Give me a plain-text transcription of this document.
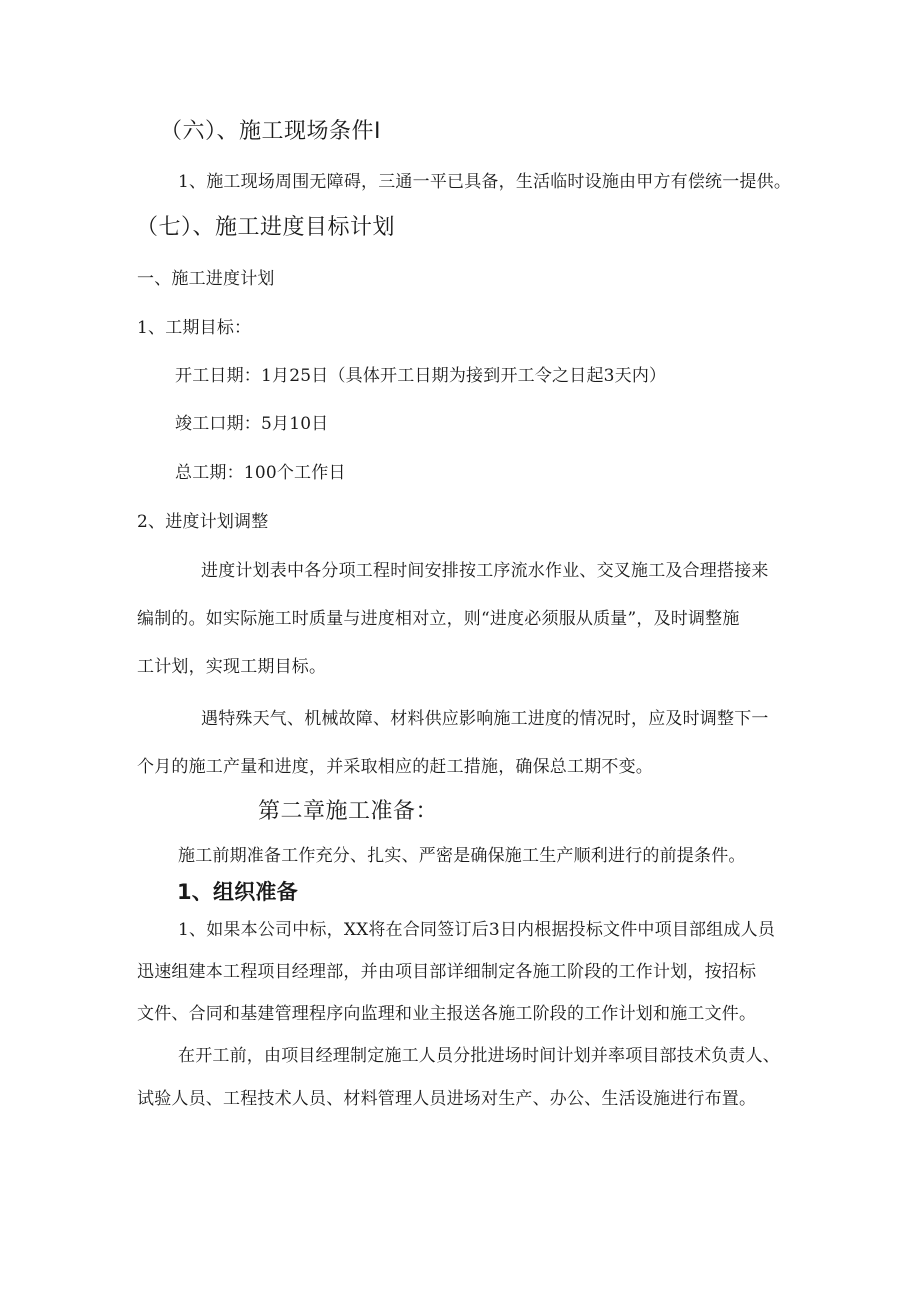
（六）、施工现场条件I
1、施工现场周围无障碍，三通一平已具备，生活临时设施由甲方有偿统一提供。
（七）、施工进度目标计划
一、施工进度计划
1、工期目标：
开工日期：1月25日（具体开工日期为接到开工令之日起3天内）
竣工口期：5月10日
总工期：100个工作日
2、进度计划调整
进度计划表中各分项工程时间安排按工序流水作业、交叉施工及合理搭接来
编制的。如实际施工时质量与进度相对立，则“进度必须服从质量”，及时调整施
工计划，实现工期目标。
遇特殊天气、机械故障、材料供应影响施工进度的情况时，应及时调整下一
个月的施工产量和进度，并采取相应的赶工措施，确保总工期不变。
第二章施工准备：
施工前期准备工作充分、扎实、严密是确保施工生产顺利进行的前提条件。
1、组织准备
1、如果本公司中标，XX将在合同签订后3日内根据投标文件中项目部组成人员
迅速组建本工程项目经理部，并由项目部详细制定各施工阶段的工作计划，按招标
文件、合同和基建管理程序向监理和业主报送各施工阶段的工作计划和施工文件。
在开工前，由项目经理制定施工人员分批进场时间计划并率项目部技术负责人、
试验人员、工程技术人员、材料管理人员进场对生产、办公、生活设施进行布置。
